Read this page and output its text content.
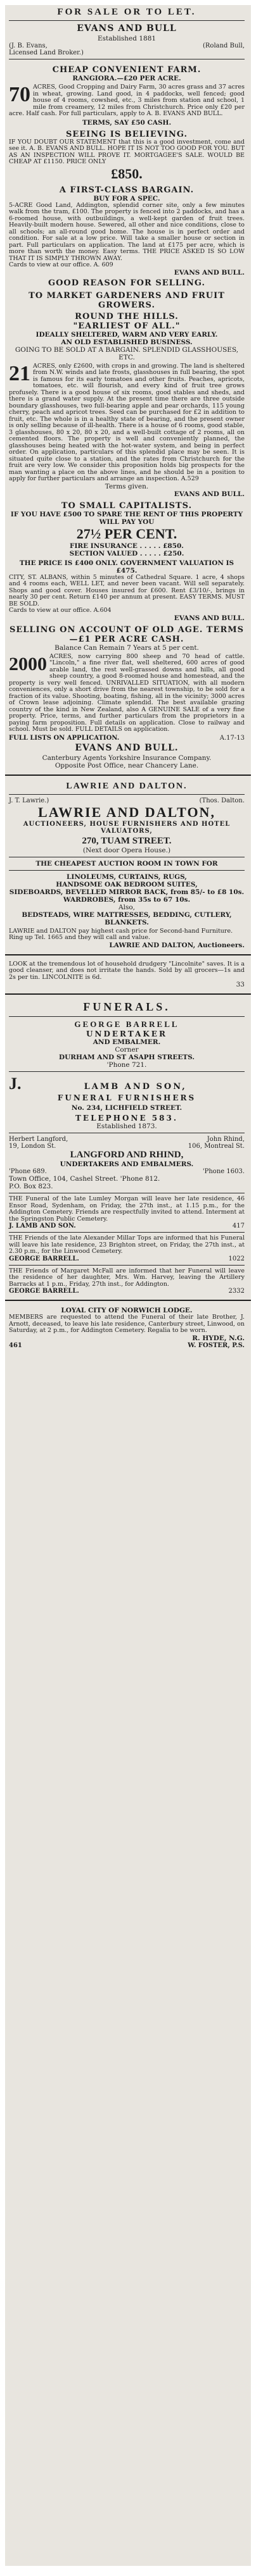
FOR SALE OR TO LET.

EVANS AND BULL

Established 1881

(J. B. Evans,	(Roland Bull,

Licensed Land Broker.)

CHEAP CONVENIENT FARM.

RANGIORA.—£20 PER ACRE.

70 ACRES, Good Cropping and Dairy Farm, 30 acres grass and 37 acres in wheat, growing. Land good, in 4 paddocks, well fenced; good house of 4 rooms, cowshed, etc., 3 miles from station and school, 1 mile from creamery, 12 miles from Christchurch. Price only £20 per acre. Half cash. For full particulars, apply to A. B. EVANS AND BULL.

TERMS, SAY £50 CASH.

SEEING IS BELIEVING.

IF YOU DOUBT OUR STATEMENT that this is a good investment, come and see it. A. B. EVANS AND BULL. HOPE IT IS NOT TOO GOOD FOR YOU. BUT AS AN INSPECTION WILL PROVE IT. MORTGAGEE'S SALE. WOULD BE CHEAP AT £1150. PRICE ONLY

£850.

A FIRST-CLASS BARGAIN.

BUY FOR A SPEC.

5-ACRE Good Land, Addington, splendid corner site, only a few minutes walk from the tram, £100. The property is fenced into 2 paddocks, and has a 6-roomed house, with outbuildings, a well-kept garden of fruit trees. Heavily-built modern house. Sewered, all other and nice conditions, close to all schools; an all-round good home. The house is in perfect order and condition. For sale at a low price. Will take a smaller house or section in part. Full particulars on application. The land at £175 per acre, which is more than worth the money. Easy terms. THE PRICE ASKED IS SO LOW THAT IT IS SIMPLY THROWN AWAY.

Cards to view at our office. A. 609

EVANS AND BULL.

GOOD REASON FOR SELLING.

TO MARKET GARDENERS AND FRUIT GROWERS.

ROUND THE HILLS.

"EARLIEST OF ALL."

IDEALLY SHELTERED, WARM AND VERY EARLY.

AN OLD ESTABLISHED BUSINESS.

GOING TO BE SOLD AT A BARGAIN. SPLENDID GLASSHOUSES, ETC.

21 ACRES, only £2600, with crops in and growing. The land is sheltered from N.W. winds and late frosts, glasshouses in full bearing, the spot is famous for its early tomatoes and other fruits. Peaches, apricots, tomatoes, etc. will flourish, and every kind of fruit tree grows profusely. There is a good house of six rooms, good stables and sheds, and there is a grand water supply. At the present time there are three outside boundary glasshouses, two full-bearing apple and pear orchards, 115 young cherry, peach and apricot trees. Seed can be purchased for £2 in addition to fruit, etc. The whole is in a healthy state of bearing, and the present owner is only selling because of ill-health. There is a house of 6 rooms, good stable, 3 glasshouses, 80 x 20, 80 x 20, and a well-built cottage of 2 rooms, all on cemented floors. The property is well and conveniently planned, the glasshouses being heated with the hot-water system, and being in perfect order. On application, particulars of this splendid place may be seen. It is situated quite close to a station, and the rates from Christchurch for the fruit are very low. We consider this proposition holds big prospects for the man wanting a place on the above lines, and he should be in a position to apply for further particulars and arrange an inspection. A.529

Terms given.

EVANS AND BULL.

TO SMALL CAPITALISTS.

IF YOU HAVE £500 TO SPARE THE RENT OF THIS PROPERTY WILL PAY YOU

27½ PER CENT.

FIRE INSURANCE . . . . . £850.

SECTION VALUED . . . . . £250.

THE PRICE IS £400 ONLY. GOVERNMENT VALUATION IS £475.

CITY, ST. ALBANS, within 5 minutes of Cathedral Square. 1 acre, 4 shops and 4 rooms each, WELL LET, and never been vacant. Will sell separately. Shops and good cover. Houses insured for £600. Rent £3/10/-, brings in nearly 30 per cent. Return £140 per annum at present. EASY TERMS. MUST BE SOLD.

Cards to view at our office. A.604

EVANS AND BULL.

SELLING ON ACCOUNT OF OLD AGE. TERMS—£1 PER ACRE CASH.

Balance Can Remain 7 Years at 5 per cent.

2000 ACRES, now carrying 800 sheep and 70 head of cattle. "Lincoln," a fine river flat, well sheltered, 600 acres of good arable land, the rest well-grassed downs and hills, all good sheep country, a good 8-roomed house and homestead, and the property is very well fenced. UNRIVALLED SITUATION, with all modern conveniences, only a short drive from the nearest township, to be sold for a fraction of its value. Shooting, boating, fishing, all in the vicinity; 3000 acres of Crown lease adjoining. Climate splendid. The best available grazing country of the kind in New Zealand, also A GENUINE SALE of a very fine property. Price, terms, and further particulars from the proprietors in a paying farm proposition. Full details on application. Close to railway and school. Must be sold. FULL DETAILS on application.

FULL LISTS ON APPLICATION.	A.17-13

EVANS AND BULL.

Canterbury Agents Yorkshire Insurance Company.

Opposite Post Office, near Chancery Lane.

LAWRIE AND DALTON.

J. T. Lawrie.)	(Thos. Dalton.

LAWRIE AND DALTON,

AUCTIONEERS, HOUSE FURNISHERS AND HOTEL VALUATORS,

270, TUAM STREET.

(Next door Opera House.)

THE CHEAPEST AUCTION ROOM IN TOWN FOR

LINOLEUMS, CURTAINS, RUGS,

HANDSOME OAK BEDROOM SUITES,

SIDEBOARDS, BEVELLED MIRROR BACK, from 85/- to £8 10s.

WARDROBES, from 35s to 67 10s.

Also,

BEDSTEADS, WIRE MATTRESSES, BEDDING, CUTLERY, BLANKETS.

LAWRIE and DALTON pay highest cash price for Second-hand Furniture.

Ring up Tel. 1665 and they will call and value.

LAWRIE AND DALTON, Auctioneers.

LOOK at the tremendous lot of household drudgery "Lincolnite" saves. It is a good cleanser, and does not irritate the hands. Sold by all grocers—1s and 2s per tin. LINCOLNITE is 6d.

33

FUNERALS.

GEORGE BARRELL

UNDERTAKER

AND EMBALMER.

Corner

DURHAM AND ST ASAPH STREETS.

'Phone 721.

J.	LAMB AND SON,

FUNERAL FURNISHERS

No. 234, LICHFIELD STREET.

TELEPHONE 583.

Established 1873.

Herbert Langford,	John Rhind,
19, London St.	106, Montreal St.

LANGFORD AND RHIND,

UNDERTAKERS AND EMBALMERS.

'Phone 689.	'Phone 1603.

Town Office, 104, Cashel Street. 'Phone 812.

P.O. Box 823.

THE Funeral of the late Lumley Morgan will leave her late residence, 46 Ensor Road, Sydenham, on Friday, the 27th inst., at 1.15 p.m., for the Addington Cemetery. Friends are respectfully invited to attend. Interment at the Springston Public Cemetery.

J. LAMB AND SON.	417

THE Friends of the late Alexander Millar Tops are informed that his Funeral will leave his late residence, 23 Brighton street, on Friday, the 27th inst., at 2.30 p.m., for the Linwood Cemetery.

GEORGE BARRELL.	1022

THE Friends of Margaret McFall are informed that her Funeral will leave the residence of her daughter, Mrs. Wm. Harvey, leaving the Artillery Barracks at 1 p.m., Friday, 27th inst., for Addington.

GEORGE BARRELL.	2332

LOYAL CITY OF NORWICH LODGE.

MEMBERS are requested to attend the Funeral of their late Brother, J. Arnott, deceased, to leave his late residence, Canterbury street, Linwood, on Saturday, at 2 p.m., for Addington Cemetery. Regalia to be worn.

R. HYDE, N.G.

461	W. FOSTER, P.S.
